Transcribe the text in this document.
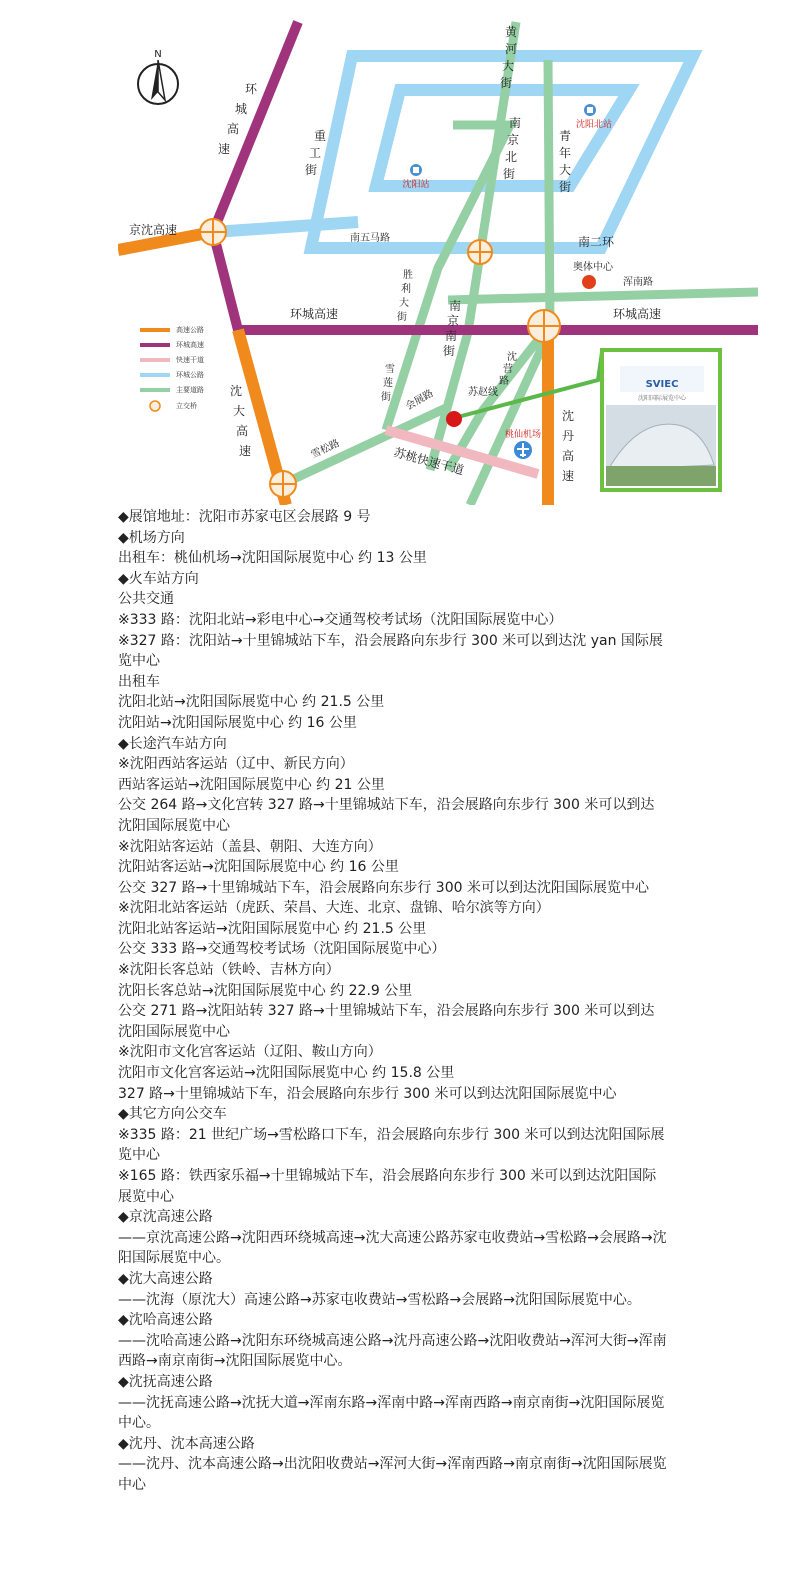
SVIEC
沈阳国际展览中心
N
沈阳站
沈阳北站
奥体中心
桃仙机场
黄河大街
环城高速
重工街
南京北街
青年大街
京沈高速
南五马路	南二环
浑南路
环城高速	环城高速
胜利大街
南京南街
雪莲街	会展路	苏赵线
沈营路
沈大高速
沈丹高速
雪松路	苏桃快速干道
高速公路
环城高速
快速干道
环城公路
主要道路
立交桥
◆展馆地址：沈阳市苏家屯区会展路 9 号
◆机场方向
出租车：桃仙机场→沈阳国际展览中心 约 13 公里
◆火车站方向
公共交通
※333 路：沈阳北站→彩电中心→交通驾校考试场（沈阳国际展览中心）
※327 路：沈阳站→十里锦城站下车，沿会展路向东步行 300 米可以到达沈 yan 国际展览中心
出租车
沈阳北站→沈阳国际展览中心 约 21.5 公里
沈阳站→沈阳国际展览中心 约 16 公里
◆长途汽车站方向
※沈阳西站客运站（辽中、新民方向）
西站客运站→沈阳国际展览中心 约 21 公里
公交 264 路→文化宫转 327 路→十里锦城站下车，沿会展路向东步行 300 米可以到达沈阳国际展览中心
※沈阳站客运站（盖县、朝阳、大连方向）
沈阳站客运站→沈阳国际展览中心 约 16 公里
公交 327 路→十里锦城站下车，沿会展路向东步行 300 米可以到达沈阳国际展览中心
※沈阳北站客运站（虎跃、荣昌、大连、北京、盘锦、哈尔滨等方向）
沈阳北站客运站→沈阳国际展览中心 约 21.5 公里
公交 333 路→交通驾校考试场（沈阳国际展览中心）
※沈阳长客总站（铁岭、吉林方向）
沈阳长客总站→沈阳国际展览中心 约 22.9 公里
公交 271 路→沈阳站转 327 路→十里锦城站下车，沿会展路向东步行 300 米可以到达沈阳国际展览中心
※沈阳市文化宫客运站（辽阳、鞍山方向）
沈阳市文化宫客运站→沈阳国际展览中心 约 15.8 公里
327 路→十里锦城站下车，沿会展路向东步行 300 米可以到达沈阳国际展览中心
◆其它方向公交车
※335 路：21 世纪广场→雪松路口下车，沿会展路向东步行 300 米可以到达沈阳国际展览中心
※165 路：铁西家乐福→十里锦城站下车，沿会展路向东步行 300 米可以到达沈阳国际展览中心
◆京沈高速公路
——京沈高速公路→沈阳西环绕城高速→沈大高速公路苏家屯收费站→雪松路→会展路→沈阳国际展览中心。
◆沈大高速公路
——沈海（原沈大）高速公路→苏家屯收费站→雪松路→会展路→沈阳国际展览中心。
◆沈哈高速公路
——沈哈高速公路→沈阳东环绕城高速公路→沈丹高速公路→沈阳收费站→浑河大街→浑南西路→南京南街→沈阳国际展览中心。
◆沈抚高速公路
——沈抚高速公路→沈抚大道→浑南东路→浑南中路→浑南西路→南京南街→沈阳国际展览中心。
◆沈丹、沈本高速公路
——沈丹、沈本高速公路→出沈阳收费站→浑河大街→浑南西路→南京南街→沈阳国际展览中心
